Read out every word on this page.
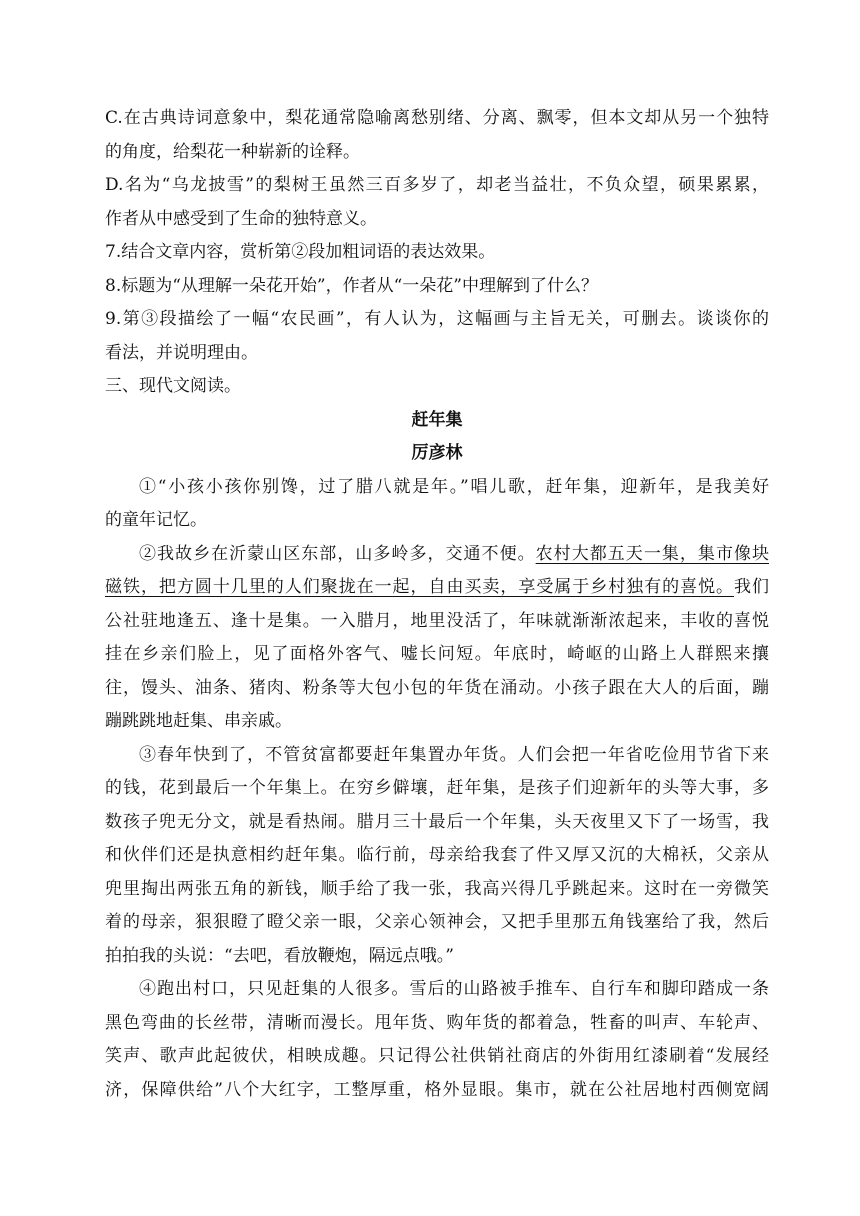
C.在古典诗词意象中，梨花通常隐喻离愁别绪、分离、飘零，但本文却从另一个独特

的角度，给梨花一种崭新的诠释。

D.名为“乌龙披雪”的梨树王虽然三百多岁了，却老当益壮，不负众望，硕果累累，

作者从中感受到了生命的独特意义。

7.结合文章内容，赏析第②段加粗词语的表达效果。

8.标题为“从理解一朵花开始”，作者从“一朵花”中理解到了什么？

9.第③段描绘了一幅“农民画”，有人认为，这幅画与主旨无关，可删去。谈谈你的

看法，并说明理由。

三、现代文阅读。

赶年集

厉彦林

①“小孩小孩你别馋，过了腊八就是年。”唱儿歌，赶年集，迎新年，是我美好

的童年记忆。

②我故乡在沂蒙山区东部，山多岭多，交通不便。农村大都五天一集，集市像块

磁铁，把方圆十几里的人们聚拢在一起，自由买卖，享受属于乡村独有的喜悦。我们

公社驻地逢五、逢十是集。一入腊月，地里没活了，年味就渐渐浓起来，丰收的喜悦

挂在乡亲们脸上，见了面格外客气、嘘长问短。年底时，崎岖的山路上人群熙来攘

往，馒头、油条、猪肉、粉条等大包小包的年货在涌动。小孩子跟在大人的后面，蹦

蹦跳跳地赶集、串亲戚。

③春年快到了，不管贫富都要赶年集置办年货。人们会把一年省吃俭用节省下来

的钱，花到最后一个年集上。在穷乡僻壤，赶年集，是孩子们迎新年的头等大事，多

数孩子兜无分文，就是看热闹。腊月三十最后一个年集，头天夜里又下了一场雪，我

和伙伴们还是执意相约赶年集。临行前，母亲给我套了件又厚又沉的大棉袄，父亲从

兜里掏出两张五角的新钱，顺手给了我一张，我高兴得几乎跳起来。这时在一旁微笑

着的母亲，狠狠瞪了瞪父亲一眼，父亲心领神会，又把手里那五角钱塞给了我，然后

拍拍我的头说：“去吧，看放鞭炮，隔远点哦。”

④跑出村口，只见赶集的人很多。雪后的山路被手推车、自行车和脚印踏成一条

黑色弯曲的长丝带，清晰而漫长。甩年货、购年货的都着急，牲畜的叫声、车轮声、

笑声、歌声此起彼伏，相映成趣。只记得公社供销社商店的外街用红漆刷着“发展经

济，保障供给”八个大红字，工整厚重，格外显眼。集市，就在公社居地村西侧宽阔
